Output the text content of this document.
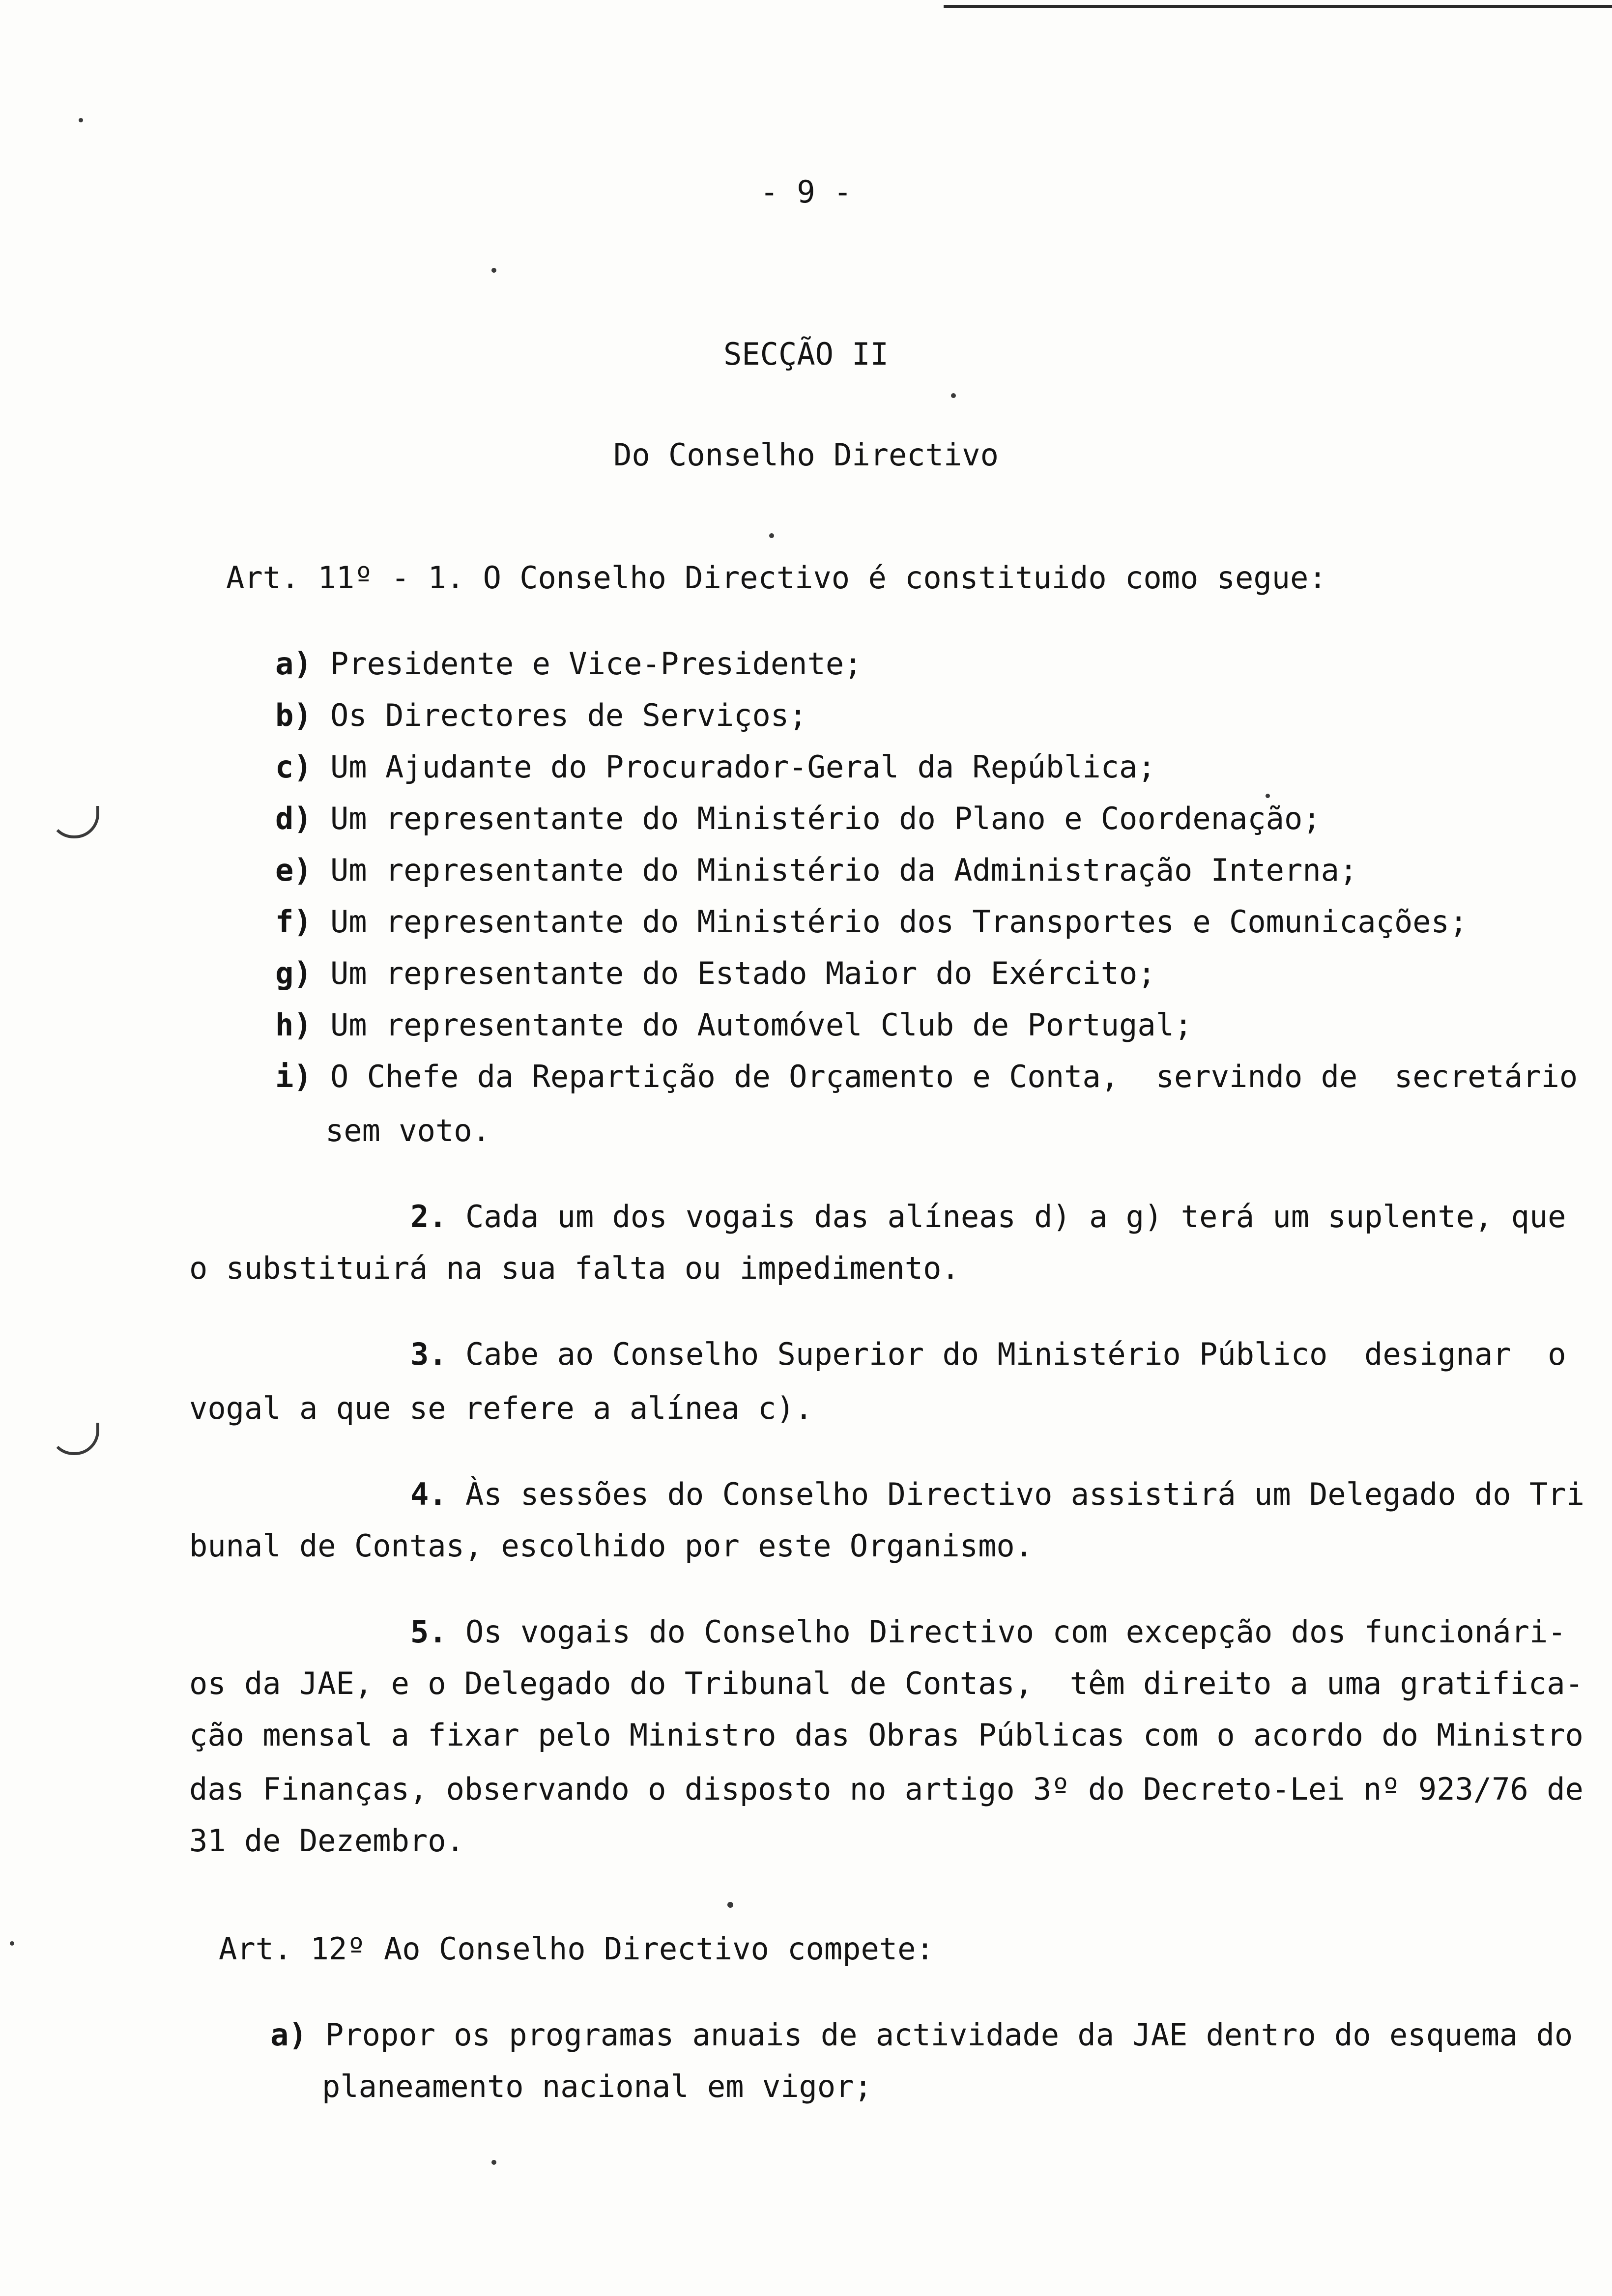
- 9 -
SECÇÃO II
Do Conselho Directivo
Art. 11º - 1. O Conselho Directivo é constituido como segue:
a) Presidente e Vice-Presidente;
b) Os Directores de Serviços;
c) Um Ajudante do Procurador-Geral da República;
d) Um representante do Ministério do Plano e Coordenação;
e) Um representante do Ministério da Administração Interna;
f) Um representante do Ministério dos Transportes e Comunicações;
g) Um representante do Estado Maior do Exército;
h) Um representante do Automóvel Club de Portugal;
i) O Chefe da Repartição de Orçamento e Conta,  servindo de  secretário
sem voto.
2. Cada um dos vogais das alíneas d) a g) terá um suplente, que
o substituirá na sua falta ou impedimento.
3. Cabe ao Conselho Superior do Ministério Público  designar  o
vogal a que se refere a alínea c).
4. Às sessões do Conselho Directivo assistirá um Delegado do Tri
bunal de Contas, escolhido por este Organismo.
5. Os vogais do Conselho Directivo com excepção dos funcionári-
os da JAE, e o Delegado do Tribunal de Contas,  têm direito a uma gratifica-
ção mensal a fixar pelo Ministro das Obras Públicas com o acordo do Ministro
das Finanças, observando o disposto no artigo 3º do Decreto-Lei nº 923/76 de
31 de Dezembro.
Art. 12º Ao Conselho Directivo compete:
a) Propor os programas anuais de actividade da JAE dentro do esquema do
planeamento nacional em vigor;
